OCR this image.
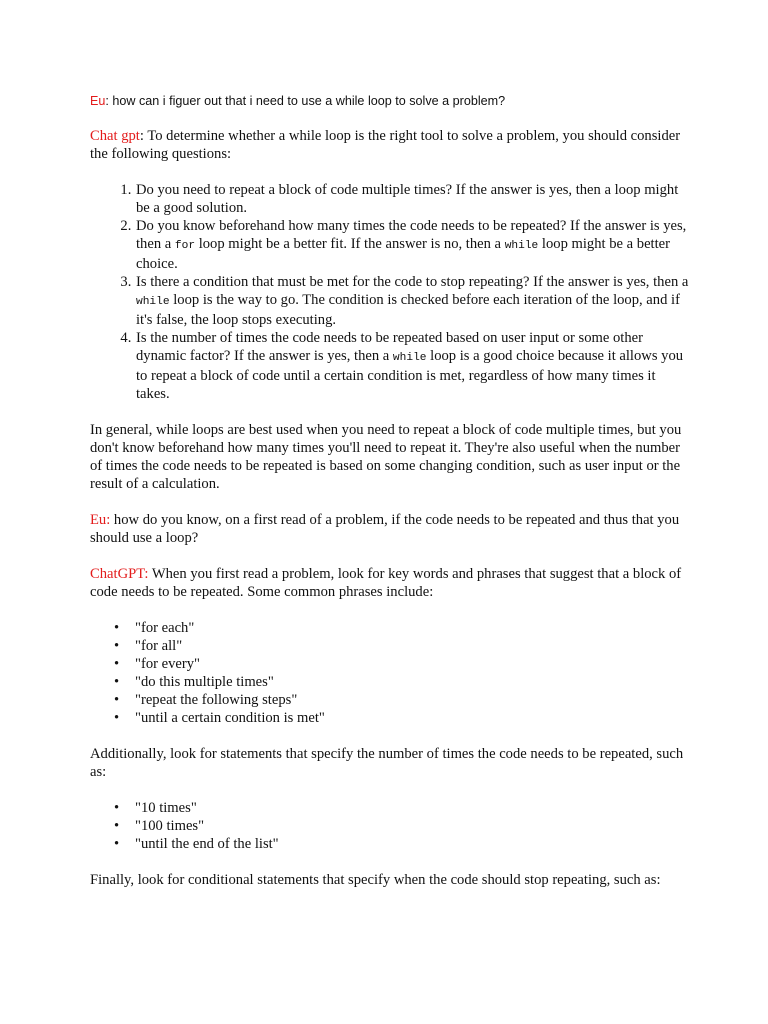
Eu: how can i figuer out that i need to use a while loop to solve a problem?

Chat gpt: To determine whether a while loop is the right tool to solve a problem, you should consider the following questions:

1. Do you need to repeat a block of code multiple times? If the answer is yes, then a loop might be a good solution.
2. Do you know beforehand how many times the code needs to be repeated? If the answer is yes, then a for loop might be a better fit. If the answer is no, then a while loop might be a better choice.
3. Is there a condition that must be met for the code to stop repeating? If the answer is yes, then a while loop is the way to go. The condition is checked before each iteration of the loop, and if it's false, the loop stops executing.
4. Is the number of times the code needs to be repeated based on user input or some other dynamic factor? If the answer is yes, then a while loop is a good choice because it allows you to repeat a block of code until a certain condition is met, regardless of how many times it takes.

In general, while loops are best used when you need to repeat a block of code multiple times, but you don't know beforehand how many times you'll need to repeat it. They're also useful when the number of times the code needs to be repeated is based on some changing condition, such as user input or the result of a calculation.

Eu: how do you know, on a first read of a problem, if the code needs to be repeated and thus that you should use a loop?

ChatGPT: When you first read a problem, look for key words and phrases that suggest that a block of code needs to be repeated. Some common phrases include:

• "for each"
• "for all"
• "for every"
• "do this multiple times"
• "repeat the following steps"
• "until a certain condition is met"

Additionally, look for statements that specify the number of times the code needs to be repeated, such as:

• "10 times"
• "100 times"
• "until the end of the list"

Finally, look for conditional statements that specify when the code should stop repeating, such as:
